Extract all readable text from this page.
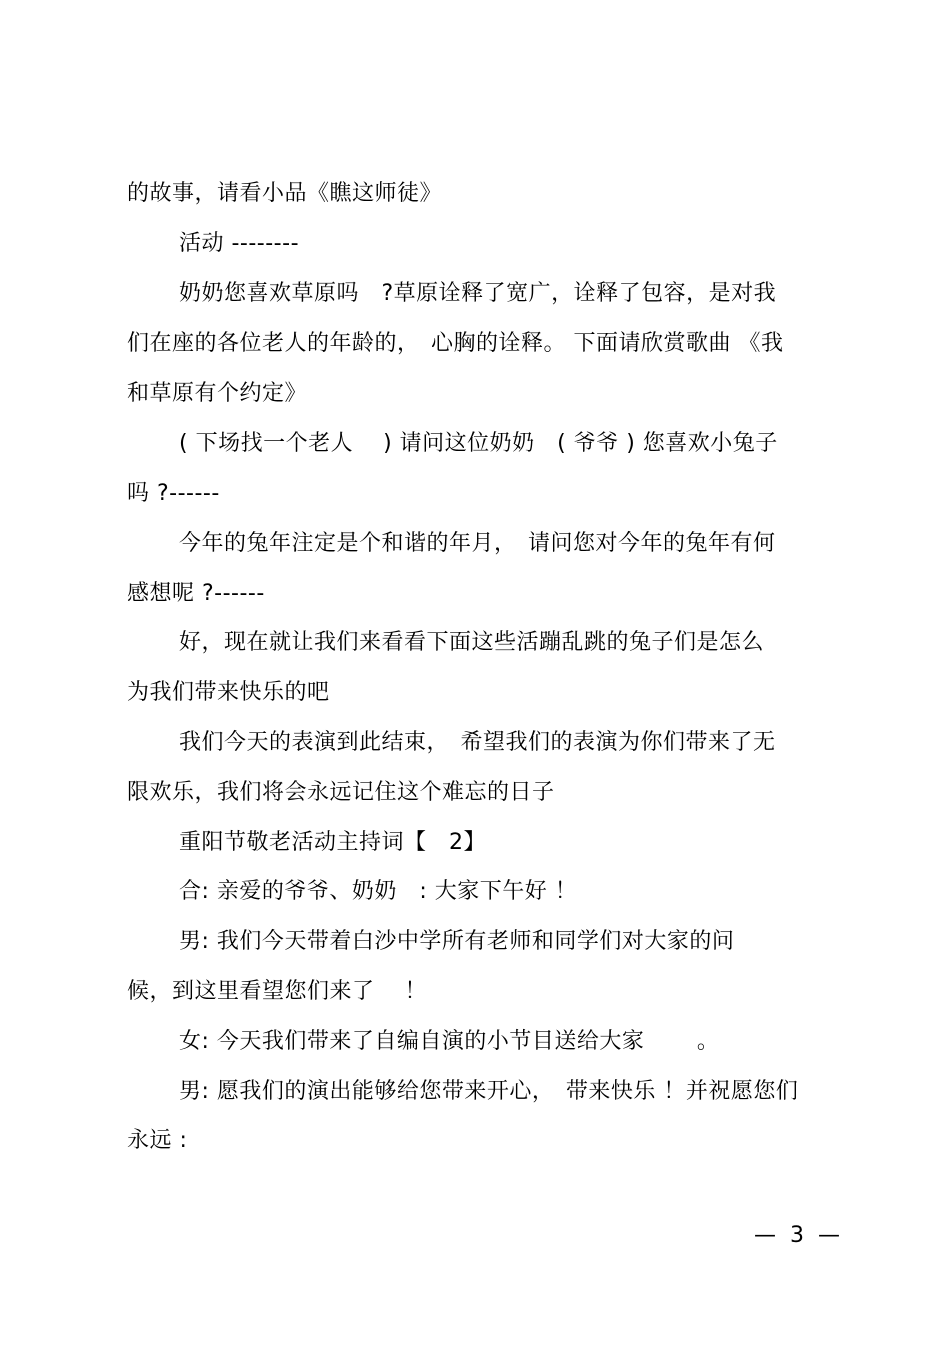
的故事，请看小品《瞧这师徒》
活动 --------
奶奶您喜欢草原吗　?草原诠释了宽广，诠释了包容，是对我
们在座的各位老人的年龄的，　心胸的诠释。 下面请欣赏歌曲 《我
和草原有个约定》
( 下场找一个老人　 ) 请问这位奶奶　( 爷爷 ) 您喜欢小兔子
吗 ?------
今年的兔年注定是个和谐的年月，　请问您对今年的兔年有何
感想呢 ?------
好，现在就让我们来看看下面这些活蹦乱跳的兔子们是怎么
为我们带来快乐的吧
我们今天的表演到此结束，　希望我们的表演为你们带来了无
限欢乐，我们将会永远记住这个难忘的日子
重阳节敬老活动主持词【　2】
合: 亲爱的爷爷、奶奶　: 大家下午好 ！
男: 我们今天带着白沙中学所有老师和同学们对大家的问
候，到这里看望您们来了　 ！
女: 今天我们带来了自编自演的小节目送给大家　　 。
男: 愿我们的演出能够给您带来开心，　带来快乐 ！并祝愿您们
永远 :
—  3  —
